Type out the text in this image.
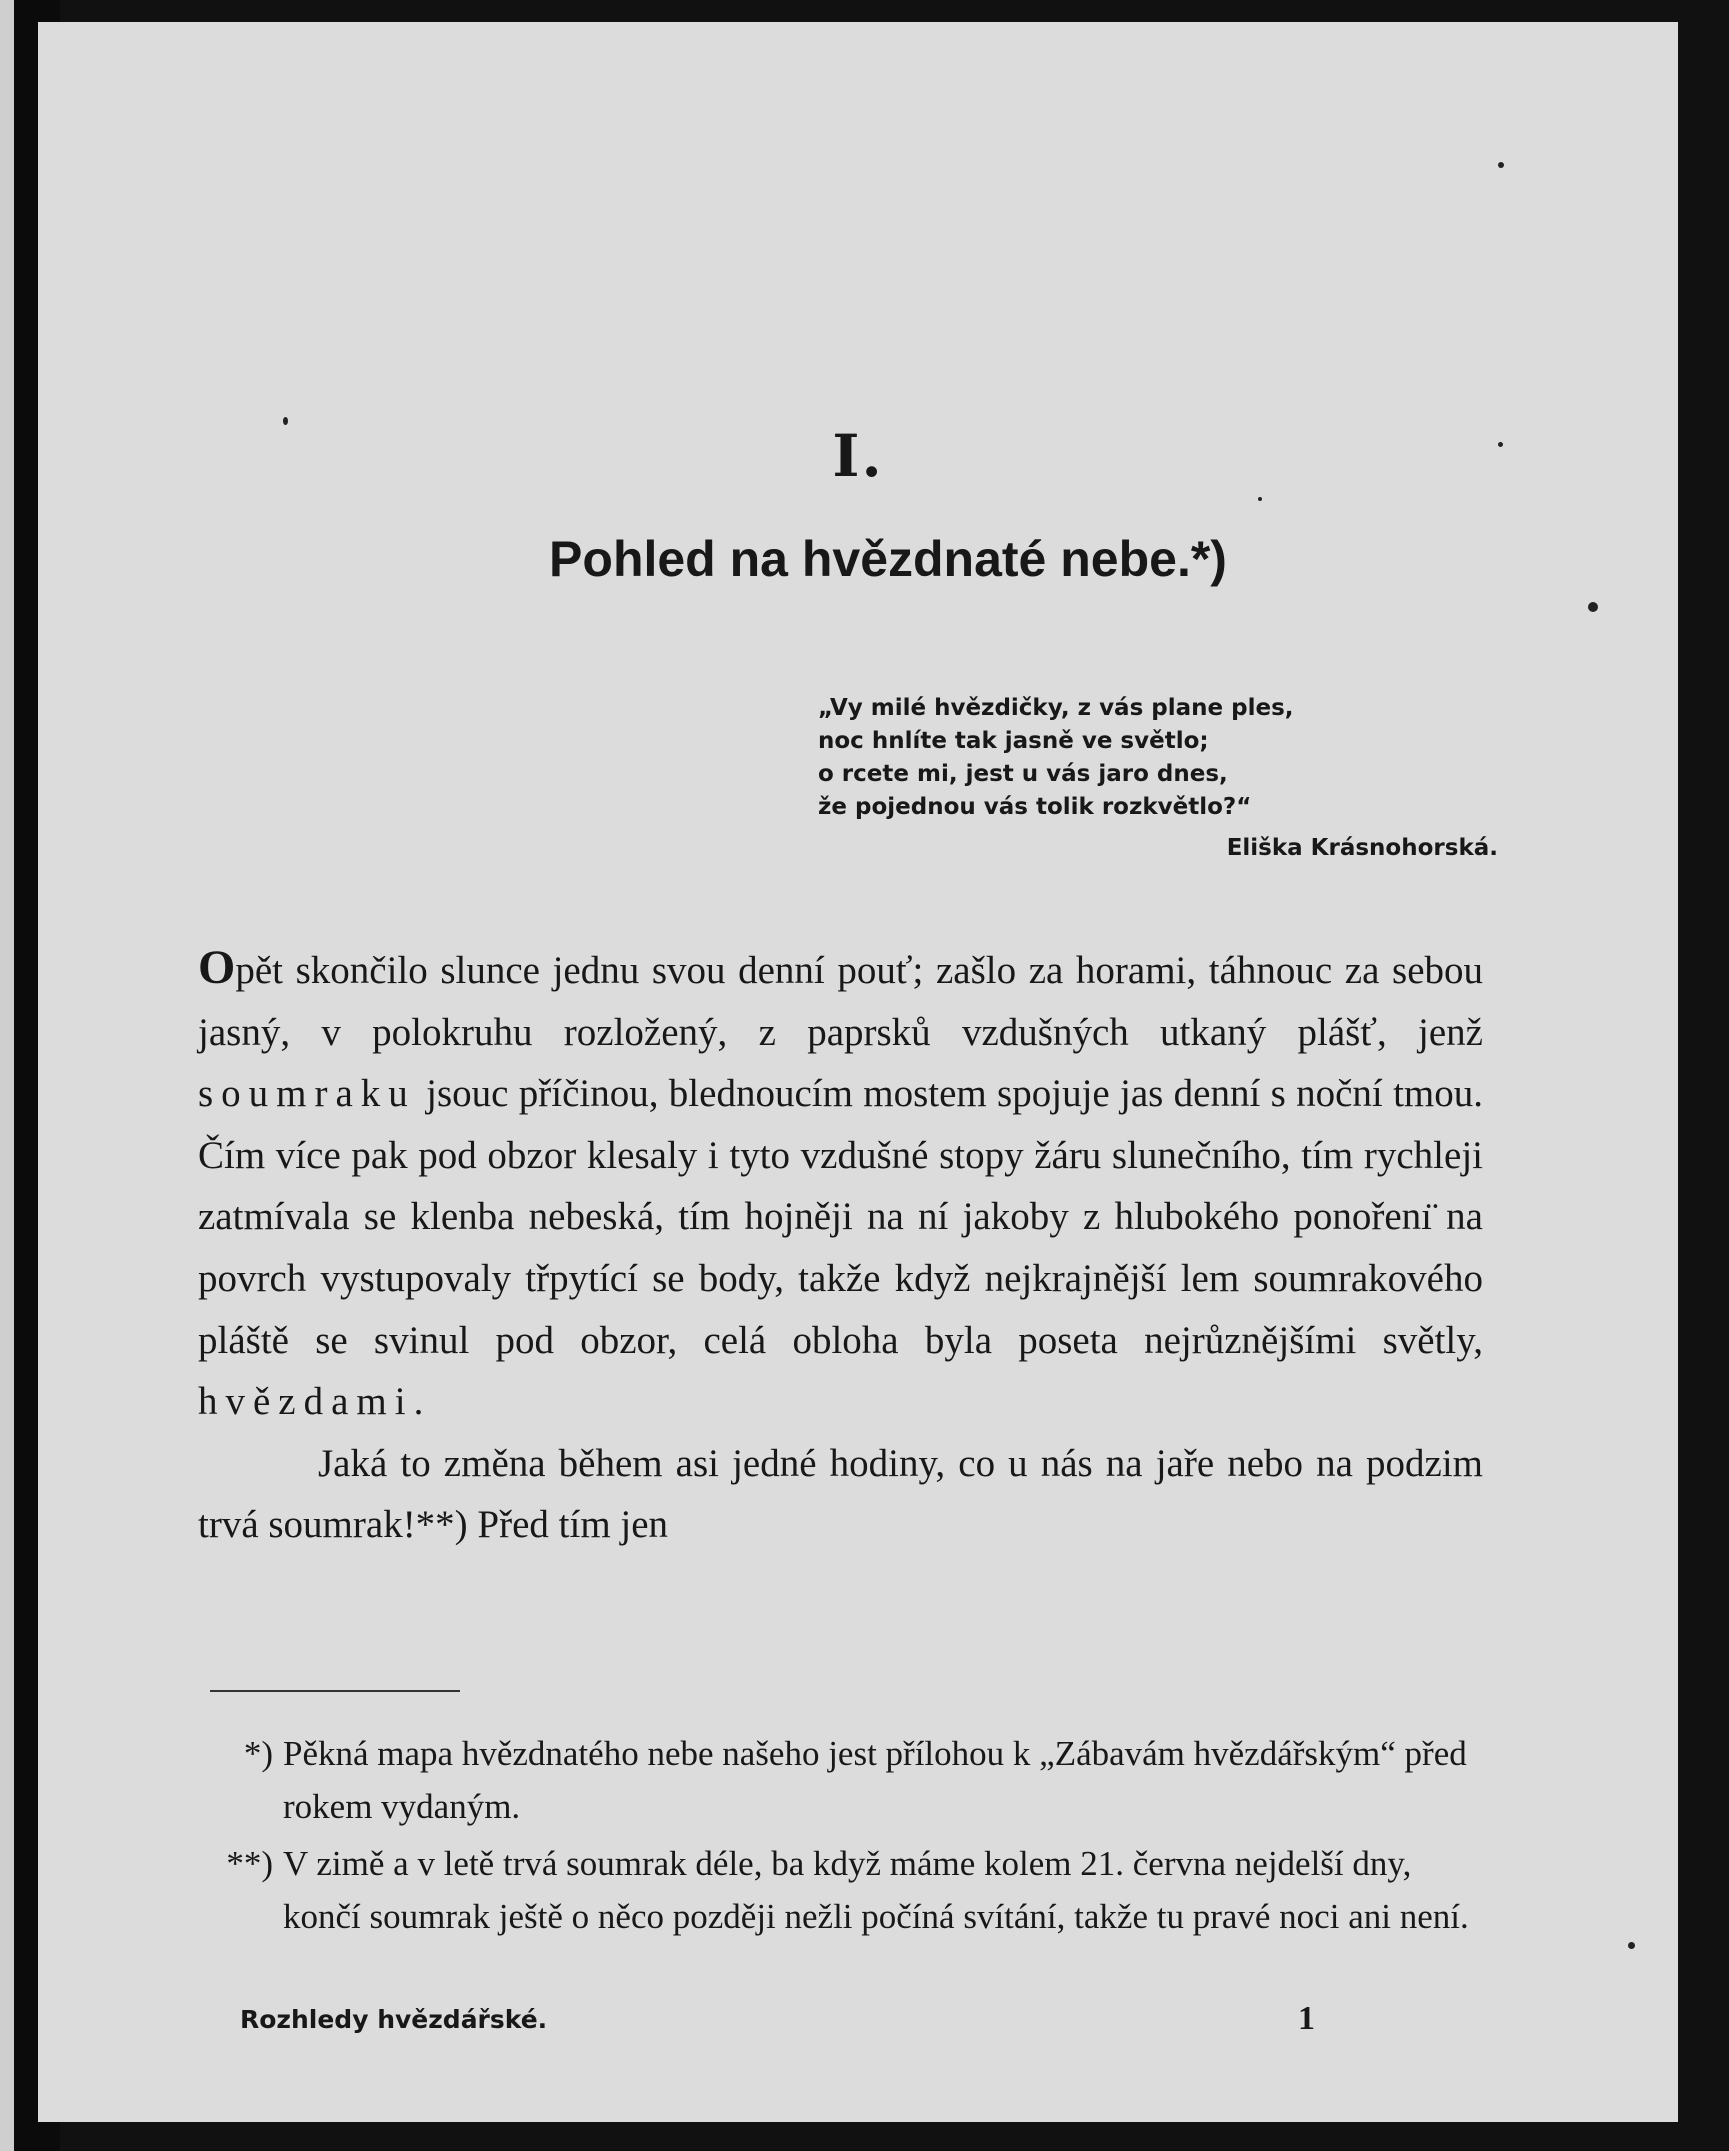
I.
Pohled na hvězdnaté nebe.*)
„Vy milé hvězdičky, z vás plane ples,
noc hnlíte tak jasně ve světlo;
o rcete mi, jest u vás jaro dnes,
že pojednou vás tolik rozkvětlo?“
Eliška Krásnohorská.

Opět skončilo slunce jednu svou denní pouť; zašlo za horami, táhnouc za sebou jasný, v polokruhu rozložený, z paprsků vzdušných utkaný plášť, jenž soumraku jsouc příčinou, blednoucím mostem spojuje jas denní s noční tmou. Čím více pak pod obzor klesaly i tyto vzdušné stopy žáru slunečního, tím rychleji zatmívala se klenba nebeská, tím hojněji na ní jakoby z hlubokého ponořenı̈ na povrch vystupovaly třpytící se body, takže když nejkrajnější lem soumrakového pláště se svinul pod obzor, celá obloha byla poseta nejrůznějšími světly, hvězdami.

Jaká to změna během asi jedné hodiny, co u nás na jaře nebo na podzim trvá soumrak!**) Před tím jen

*) Pěkná mapa hvězdnatého nebe našeho jest přílohou k „Zábavám hvězdářským“ před rokem vydaným.
**) V zimě a v letě trvá soumrak déle, ba když máme kolem 21. června nejdelší dny, končí soumrak ještě o něco později nežli počíná svítání, takže tu pravé noci ani není.
Rozhledy hvězdářské.	1
